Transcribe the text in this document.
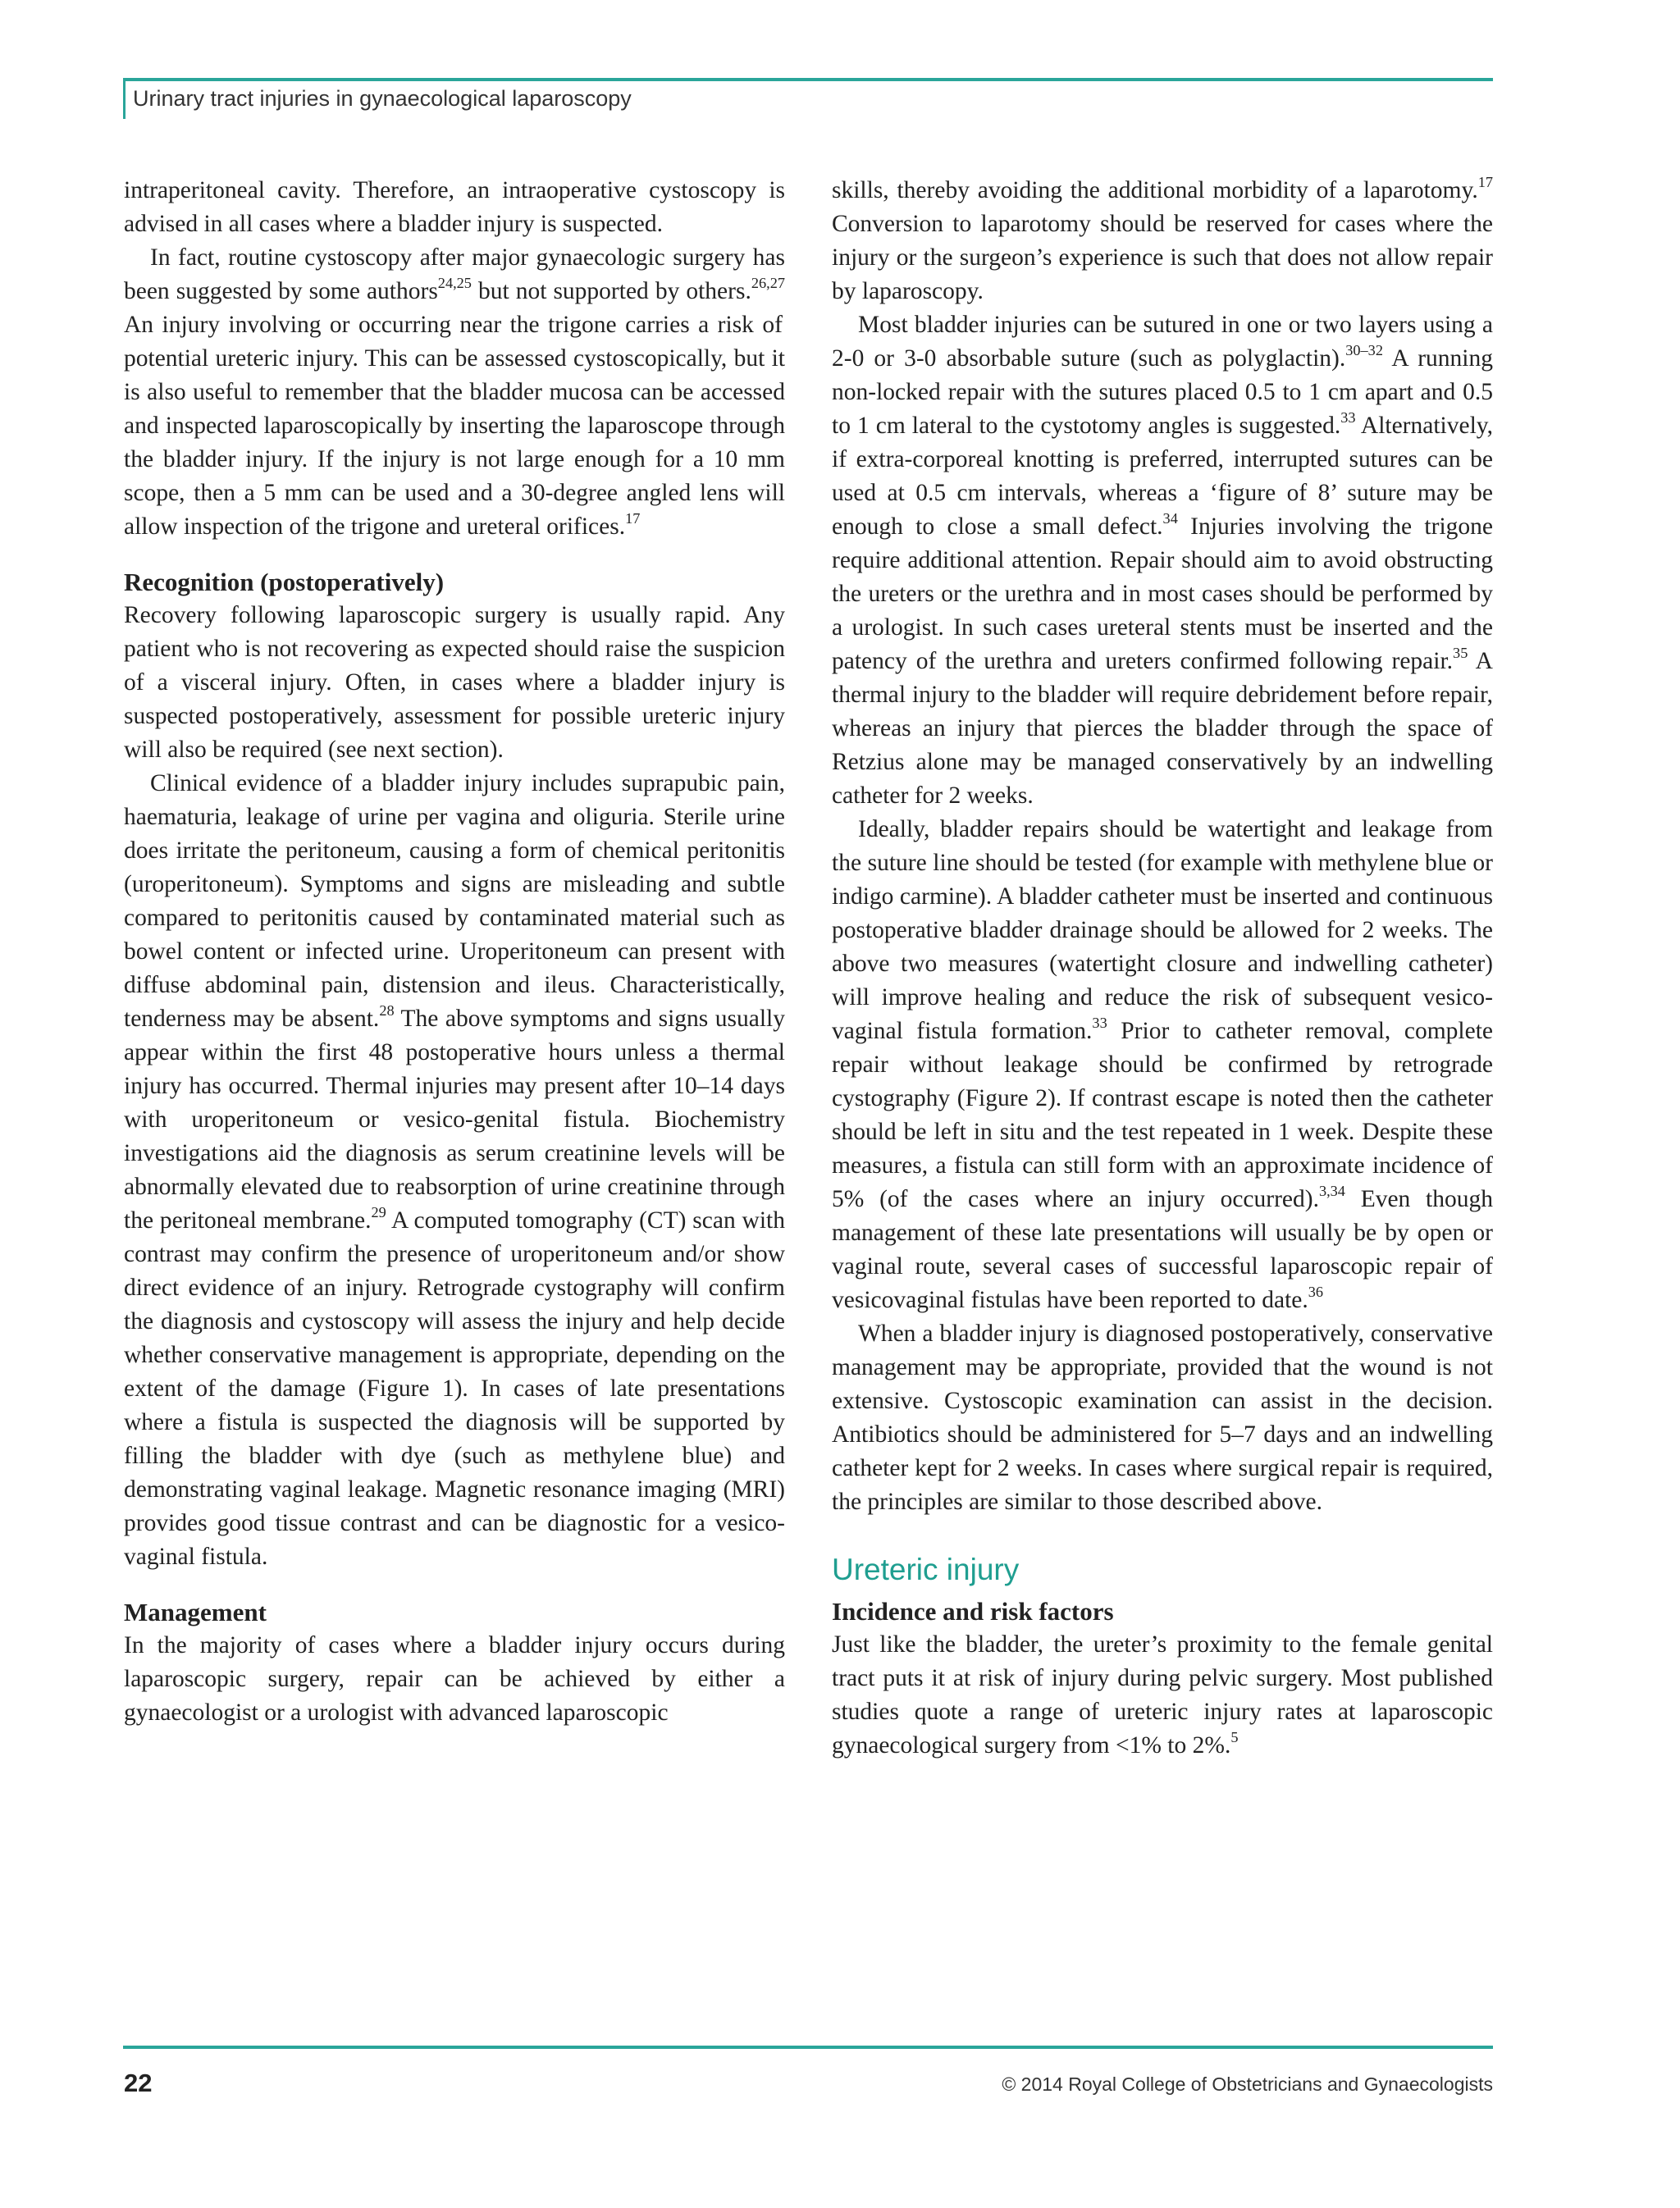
Urinary tract injuries in gynaecological laparoscopy

intraperitoneal cavity. Therefore, an intraoperative cystoscopy is advised in all cases where a bladder injury is suspected.

In fact, routine cystoscopy after major gynaecologic surgery has been suggested by some authors$^{24,25}$ but not supported by others.$^{26,27}$ An injury involving or occurring near the trigone carries a risk of potential ureteric injury. This can be assessed cystoscopically, but it is also useful to remember that the bladder mucosa can be accessed and inspected laparoscopically by inserting the laparoscope through the bladder injury. If the injury is not large enough for a 10 mm scope, then a 5 mm can be used and a 30-degree angled lens will allow inspection of the trigone and ureteral orifices.$^{17}$

Recognition (postoperatively)

Recovery following laparoscopic surgery is usually rapid. Any patient who is not recovering as expected should raise the suspicion of a visceral injury. Often, in cases where a bladder injury is suspected postoperatively, assessment for possible ureteric injury will also be required (see next section).

Clinical evidence of a bladder injury includes suprapubic pain, haematuria, leakage of urine per vagina and oliguria. Sterile urine does irritate the peritoneum, causing a form of chemical peritonitis (uroperitoneum). Symptoms and signs are misleading and subtle compared to peritonitis caused by contaminated material such as bowel content or infected urine. Uroperitoneum can present with diffuse abdominal pain, distension and ileus. Characteristically, tenderness may be absent.$^{28}$ The above symptoms and signs usually appear within the first 48 postoperative hours unless a thermal injury has occurred. Thermal injuries may present after 10–14 days with uroperitoneum or vesico-genital fistula. Biochemistry investigations aid the diagnosis as serum creatinine levels will be abnormally elevated due to reabsorption of urine creatinine through the peritoneal membrane.$^{29}$ A computed tomography (CT) scan with contrast may confirm the presence of uroperitoneum and/or show direct evidence of an injury. Retrograde cystography will confirm the diagnosis and cystoscopy will assess the injury and help decide whether conservative management is appropriate, depending on the extent of the damage (Figure 1). In cases of late presentations where a fistula is suspected the diagnosis will be supported by filling the bladder with dye (such as methylene blue) and demonstrating vaginal leakage. Magnetic resonance imaging (MRI) provides good tissue contrast and can be diagnostic for a vesico-vaginal fistula.

Management

In the majority of cases where a bladder injury occurs during laparoscopic surgery, repair can be achieved by either a gynaecologist or a urologist with advanced laparoscopic

skills, thereby avoiding the additional morbidity of a laparotomy.$^{17}$ Conversion to laparotomy should be reserved for cases where the injury or the surgeon’s experience is such that does not allow repair by laparoscopy.

Most bladder injuries can be sutured in one or two layers using a 2-0 or 3-0 absorbable suture (such as polyglactin).$^{30-32}$ A running non-locked repair with the sutures placed 0.5 to 1 cm apart and 0.5 to 1 cm lateral to the cystotomy angles is suggested.$^{33}$ Alternatively, if extra-corporeal knotting is preferred, interrupted sutures can be used at 0.5 cm intervals, whereas a ‘figure of 8’ suture may be enough to close a small defect.$^{34}$ Injuries involving the trigone require additional attention. Repair should aim to avoid obstructing the ureters or the urethra and in most cases should be performed by a urologist. In such cases ureteral stents must be inserted and the patency of the urethra and ureters confirmed following repair.$^{35}$ A thermal injury to the bladder will require debridement before repair, whereas an injury that pierces the bladder through the space of Retzius alone may be managed conservatively by an indwelling catheter for 2 weeks.

Ideally, bladder repairs should be watertight and leakage from the suture line should be tested (for example with methylene blue or indigo carmine). A bladder catheter must be inserted and continuous postoperative bladder drainage should be allowed for 2 weeks. The above two measures (watertight closure and indwelling catheter) will improve healing and reduce the risk of subsequent vesico-vaginal fistula formation.$^{33}$ Prior to catheter removal, complete repair without leakage should be confirmed by retrograde cystography (Figure 2). If contrast escape is noted then the catheter should be left in situ and the test repeated in 1 week. Despite these measures, a fistula can still form with an approximate incidence of 5% (of the cases where an injury occurred).$^{3,34}$ Even though management of these late presentations will usually be by open or vaginal route, several cases of successful laparoscopic repair of vesicovaginal fistulas have been reported to date.$^{36}$

When a bladder injury is diagnosed postoperatively, conservative management may be appropriate, provided that the wound is not extensive. Cystoscopic examination can assist in the decision. Antibiotics should be administered for 5–7 days and an indwelling catheter kept for 2 weeks. In cases where surgical repair is required, the principles are similar to those described above.

Ureteric injury
Incidence and risk factors

Just like the bladder, the ureter’s proximity to the female genital tract puts it at risk of injury during pelvic surgery. Most published studies quote a range of ureteric injury rates at laparoscopic gynaecological surgery from <1% to 2%.$^5$

22	© 2014 Royal College of Obstetricians and Gynaecologists
